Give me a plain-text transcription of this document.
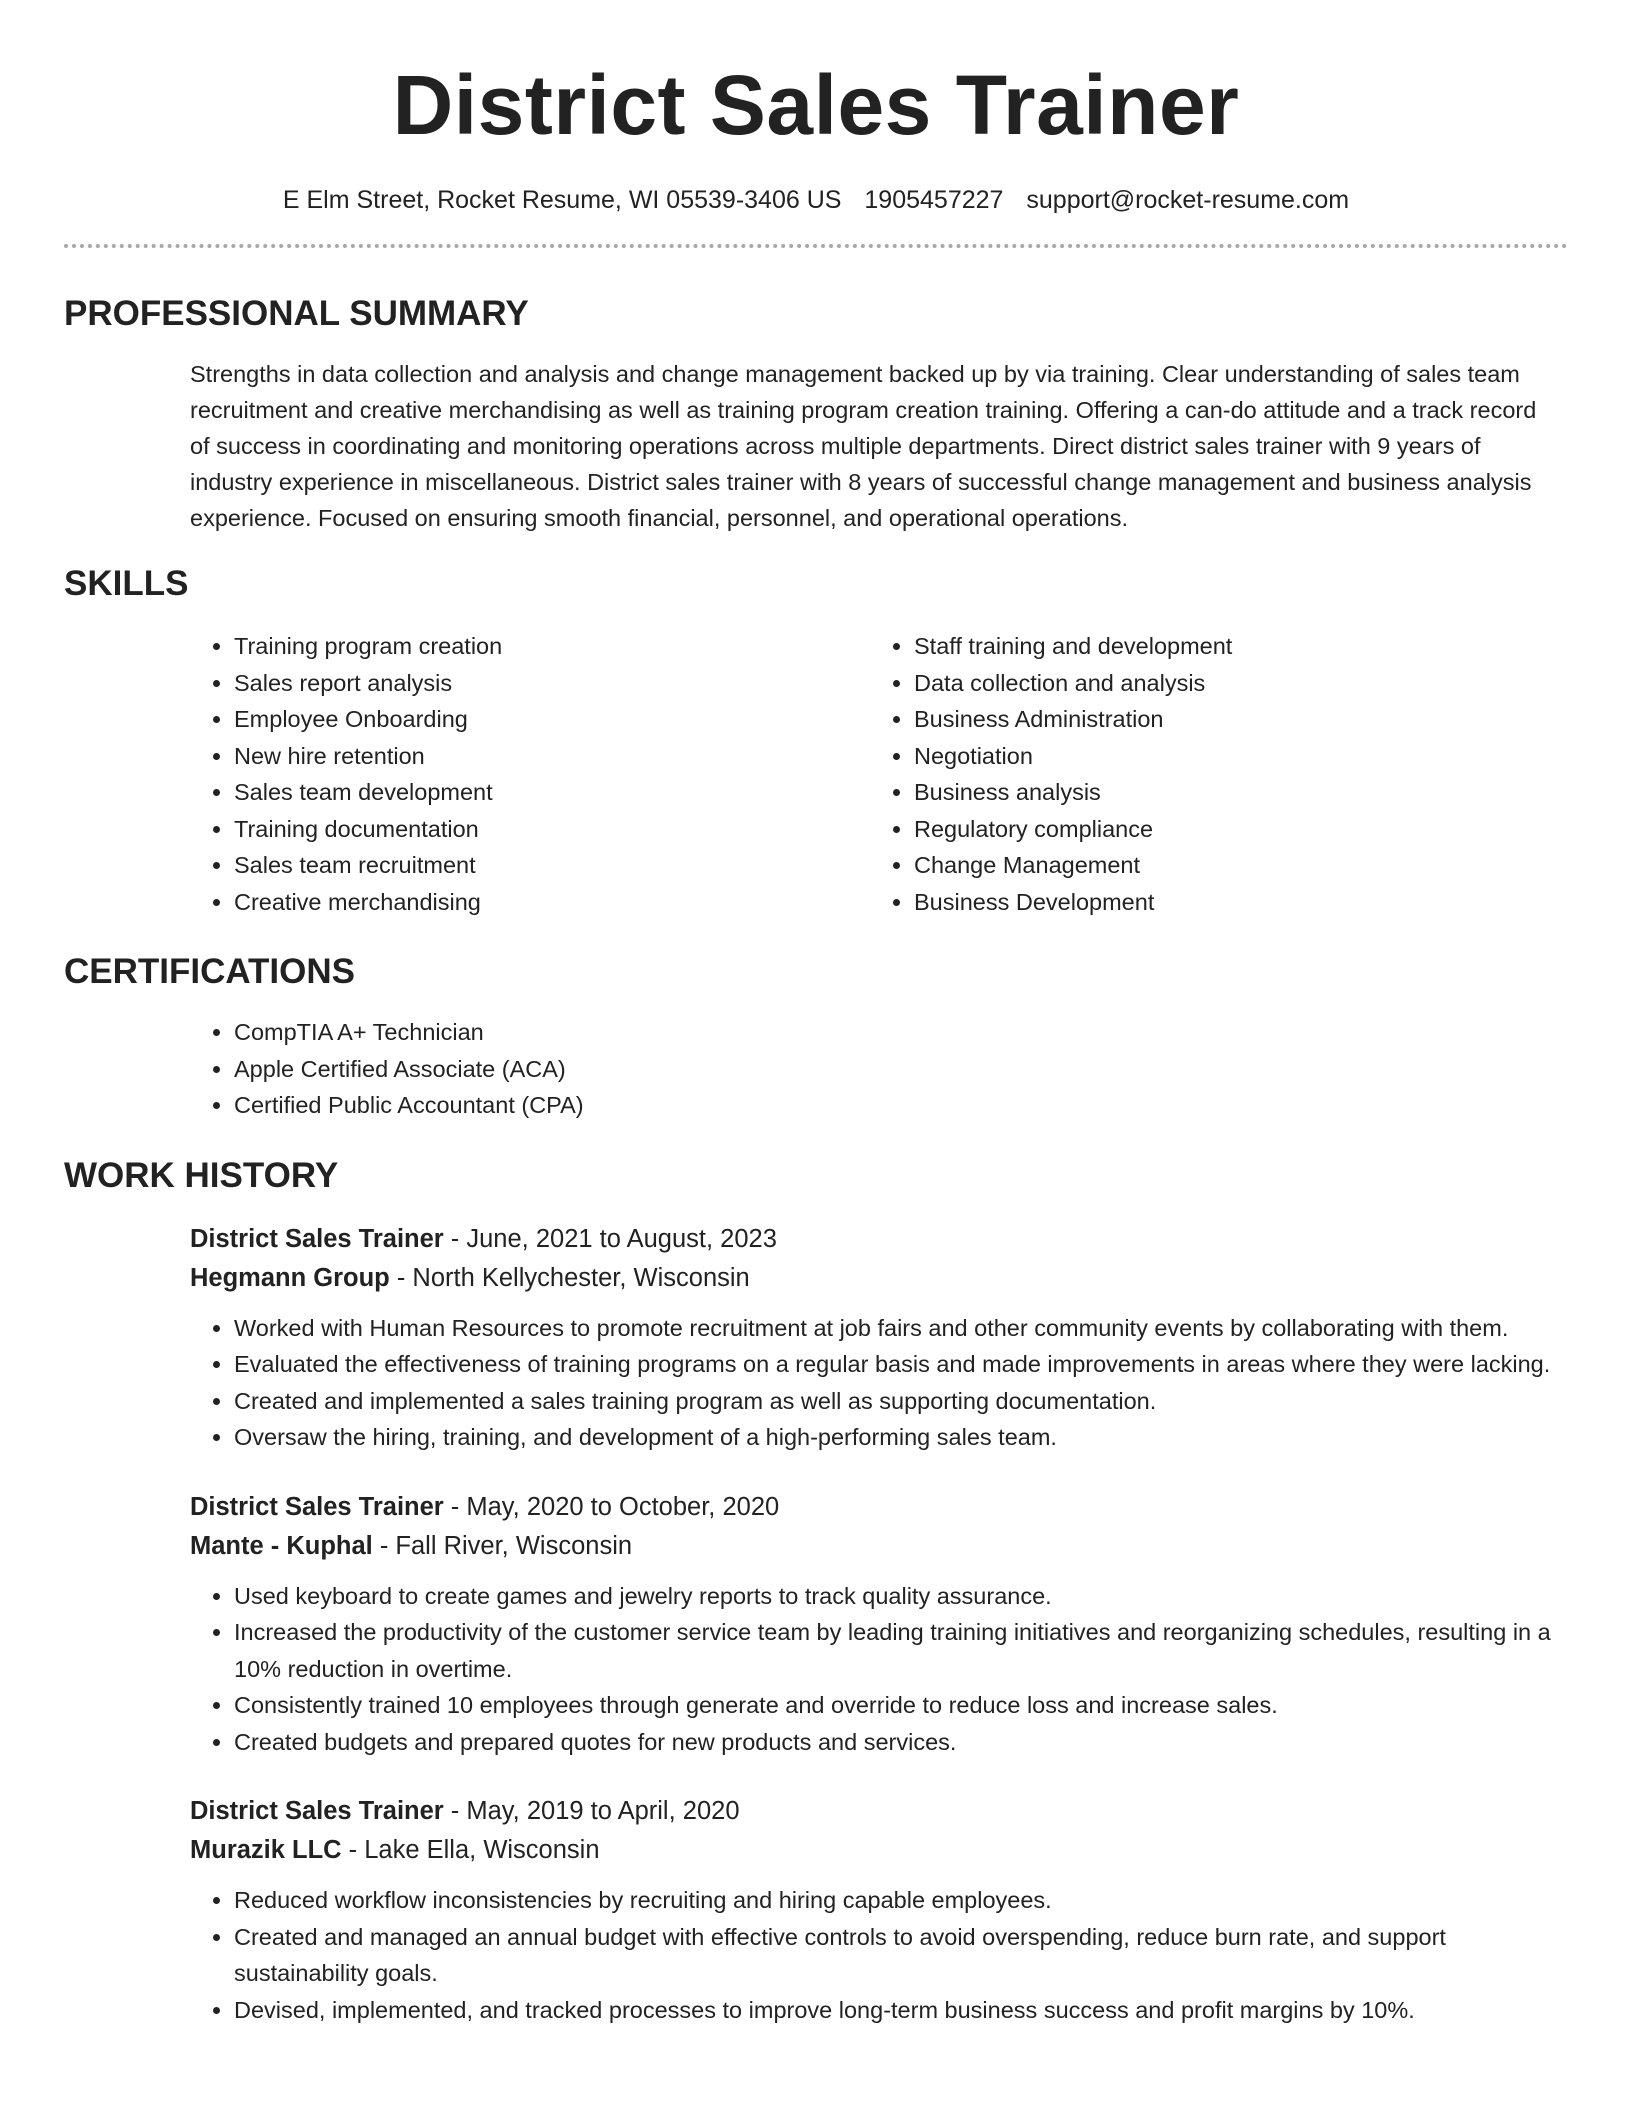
District Sales Trainer
E Elm Street, Rocket Resume, WI 05539-3406 US 1905457227 support@rocket-resume.com
PROFESSIONAL SUMMARY
Strengths in data collection and analysis and change management backed up by via training. Clear understanding of sales team recruitment and creative merchandising as well as training program creation training. Offering a can-do attitude and a track record of success in coordinating and monitoring operations across multiple departments. Direct district sales trainer with 9 years of industry experience in miscellaneous. District sales trainer with 8 years of successful change management and business analysis experience. Focused on ensuring smooth financial, personnel, and operational operations.
SKILLS
• Training program creation
• Sales report analysis
• Employee Onboarding
• New hire retention
• Sales team development
• Training documentation
• Sales team recruitment
• Creative merchandising
• Staff training and development
• Data collection and analysis
• Business Administration
• Negotiation
• Business analysis
• Regulatory compliance
• Change Management
• Business Development
CERTIFICATIONS
• CompTIA A+ Technician
• Apple Certified Associate (ACA)
• Certified Public Accountant (CPA)
WORK HISTORY
District Sales Trainer - June, 2021 to August, 2023
Hegmann Group - North Kellychester, Wisconsin
• Worked with Human Resources to promote recruitment at job fairs and other community events by collaborating with them.
• Evaluated the effectiveness of training programs on a regular basis and made improvements in areas where they were lacking.
• Created and implemented a sales training program as well as supporting documentation.
• Oversaw the hiring, training, and development of a high-performing sales team.
District Sales Trainer - May, 2020 to October, 2020
Mante - Kuphal - Fall River, Wisconsin
• Used keyboard to create games and jewelry reports to track quality assurance.
• Increased the productivity of the customer service team by leading training initiatives and reorganizing schedules, resulting in a 10% reduction in overtime.
• Consistently trained 10 employees through generate and override to reduce loss and increase sales.
• Created budgets and prepared quotes for new products and services.
District Sales Trainer - May, 2019 to April, 2020
Murazik LLC - Lake Ella, Wisconsin
• Reduced workflow inconsistencies by recruiting and hiring capable employees.
• Created and managed an annual budget with effective controls to avoid overspending, reduce burn rate, and support sustainability goals.
• Devised, implemented, and tracked processes to improve long-term business success and profit margins by 10%.
